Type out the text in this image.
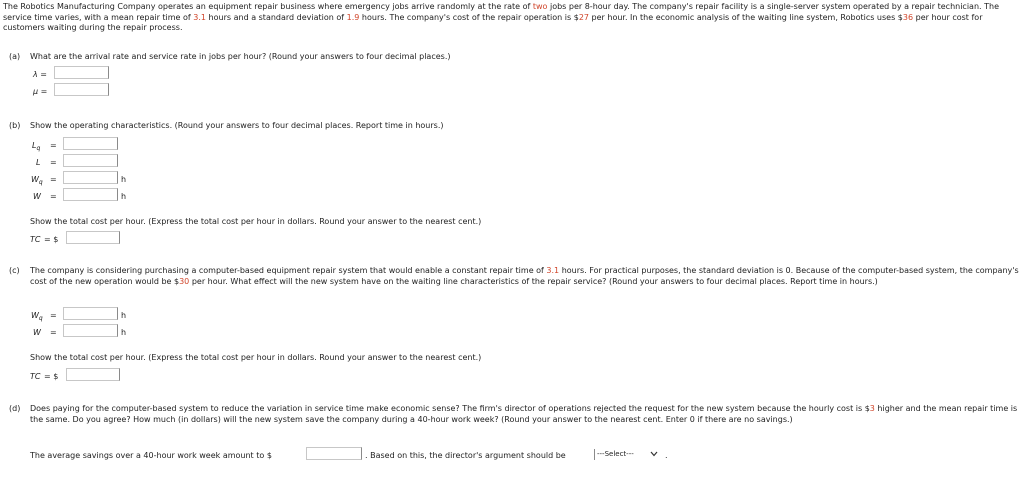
The Robotics Manufacturing Company operates an equipment repair business where emergency jobs arrive randomly at the rate of two jobs per 8-hour day. The company's repair facility is a single-server system operated by a repair technician. The service time varies, with a mean repair time of 3.1 hours and a standard deviation of 1.9 hours. The company's cost of the repair operation is $27 per hour. In the economic analysis of the waiting line system, Robotics uses $36 per hour cost for customers waiting during the repair process.
(a) What are the arrival rate and service rate in jobs per hour? (Round your answers to four decimal places.)
λ =
μ =
(b) Show the operating characteristics. (Round your answers to four decimal places. Report time in hours.)
$L_q$ =
L =
$W_q$ =	h
W =	h
Show the total cost per hour. (Express the total cost per hour in dollars. Round your answer to the nearest cent.)
TC = $
(c) The company is considering purchasing a computer-based equipment repair system that would enable a constant repair time of 3.1 hours. For practical purposes, the standard deviation is 0. Because of the computer-based system, the company's cost of the new operation would be $30 per hour. What effect will the new system have on the waiting line characteristics of the repair service? (Round your answers to four decimal places. Report time in hours.)
$W_q$ =	h
W =	h
Show the total cost per hour. (Express the total cost per hour in dollars. Round your answer to the nearest cent.)
TC = $
(d) Does paying for the computer-based system to reduce the variation in service time make economic sense? The firm's director of operations rejected the request for the new system because the hourly cost is $3 higher and the mean repair time is the same. Do you agree? How much (in dollars) will the new system save the company during a 40-hour work week? (Round your answer to the nearest cent. Enter 0 if there are no savings.)
The average savings over a 40-hour work week amount to $	. Based on this, the director's argument should be	---Select---	.
